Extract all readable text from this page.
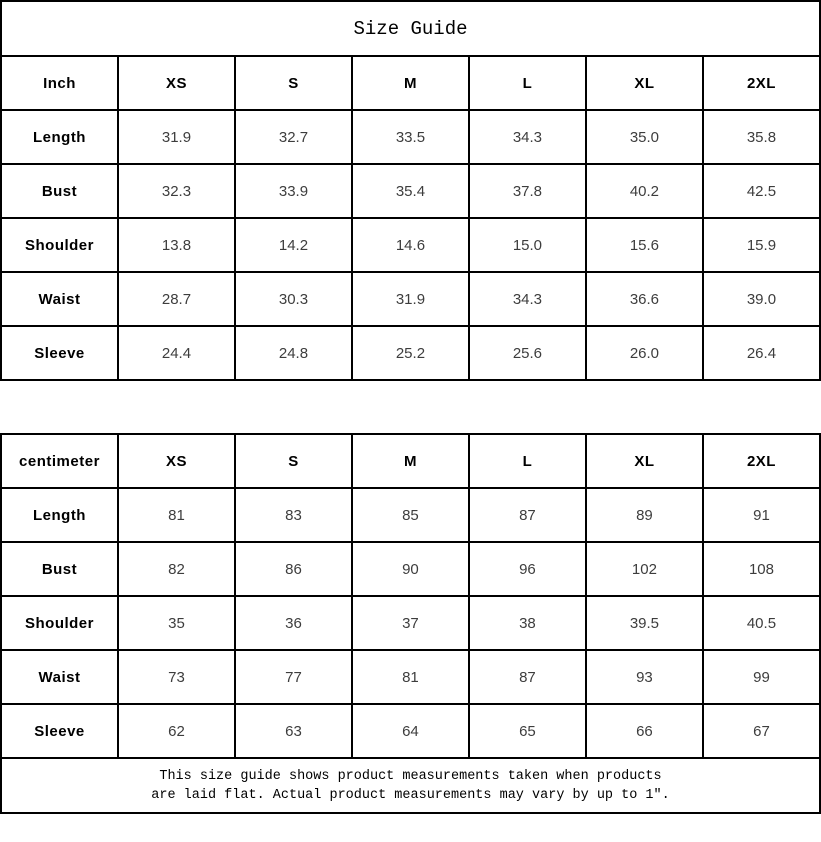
Size Guide						
Inch	XS	S	M	L	XL	2XL
Length	31.9	32.7	33.5	34.3	35.0	35.8
Bust	32.3	33.9	35.4	37.8	40.2	42.5
Shoulder	13.8	14.2	14.6	15.0	15.6	15.9
Waist	28.7	30.3	31.9	34.3	36.6	39.0
Sleeve	24.4	24.8	25.2	25.6	26.0	26.4
centimeter	XS	S	M	L	XL	2XL
Length	81	83	85	87	89	91
Bust	82	86	90	96	102	108
Shoulder	35	36	37	38	39.5	40.5
Waist	73	77	81	87	93	99
Sleeve	62	63	64	65	66	67

This size guide shows product measurements taken when products
are laid flat. Actual product measurements may vary by up to 1″.						
